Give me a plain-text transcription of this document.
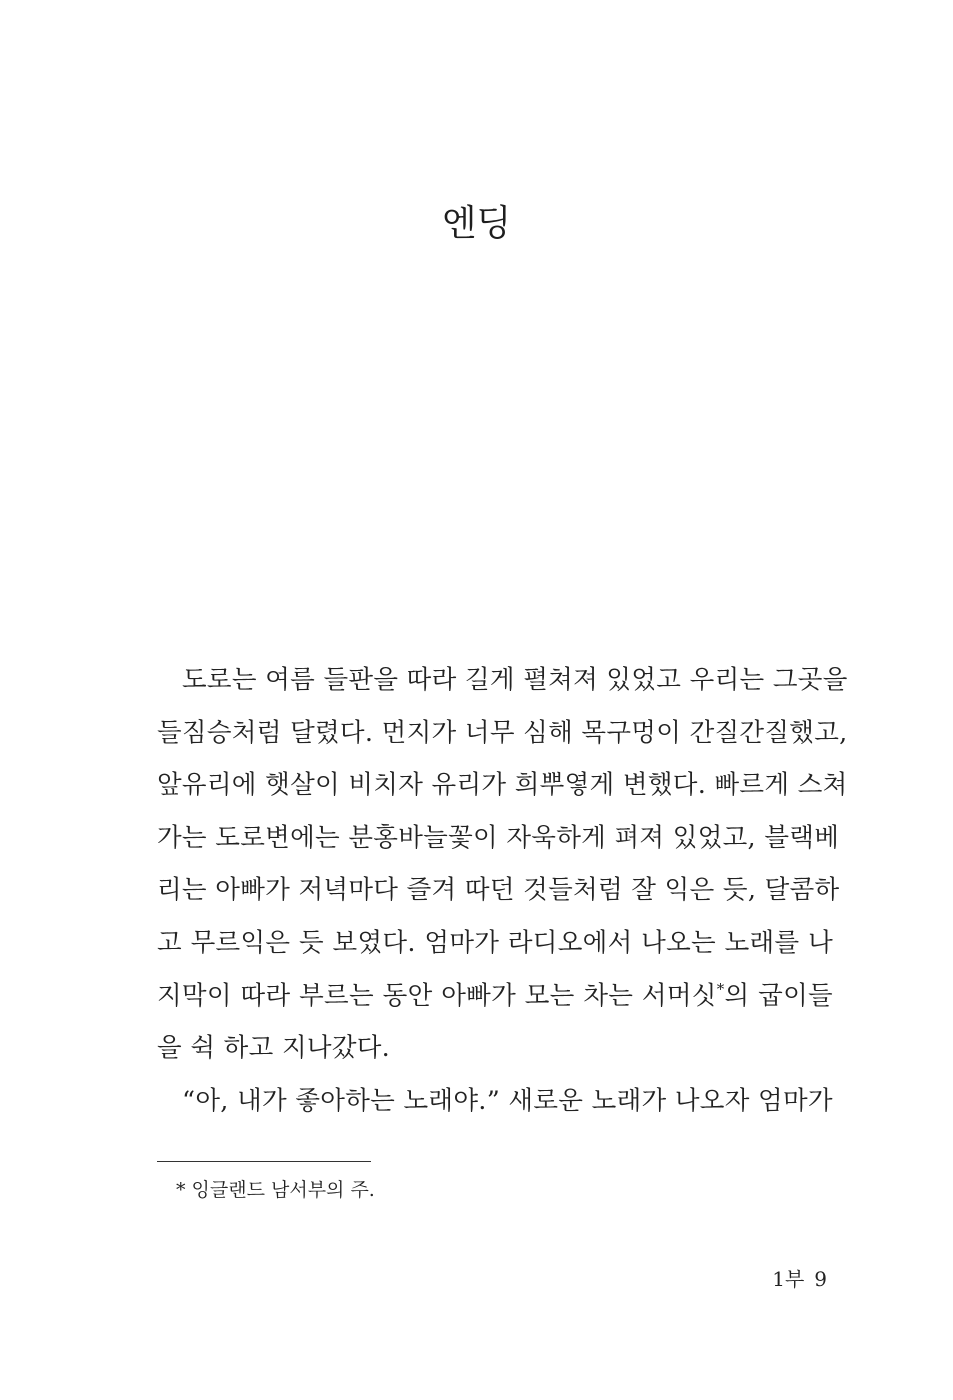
엔딩
도로는 여름 들판을 따라 길게 펼쳐져 있었고 우리는 그곳을
들짐승처럼 달렸다. 먼지가 너무 심해 목구멍이 간질간질했고,
앞유리에 햇살이 비치자 유리가 희뿌옇게 변했다. 빠르게 스쳐
가는 도로변에는 분홍바늘꽃이 자욱하게 펴져 있었고, 블랙베
리는 아빠가 저녁마다 즐겨 따던 것들처럼 잘 익은 듯, 달콤하
고 무르익은 듯 보였다. 엄마가 라디오에서 나오는 노래를 나
지막이 따라 부르는 동안 아빠가 모는 차는 서머싯*의 굽이들
을 쉭 하고 지나갔다.
“아, 내가 좋아하는 노래야.” 새로운 노래가 나오자 엄마가
* 잉글랜드 남서부의 주.
1부 9
